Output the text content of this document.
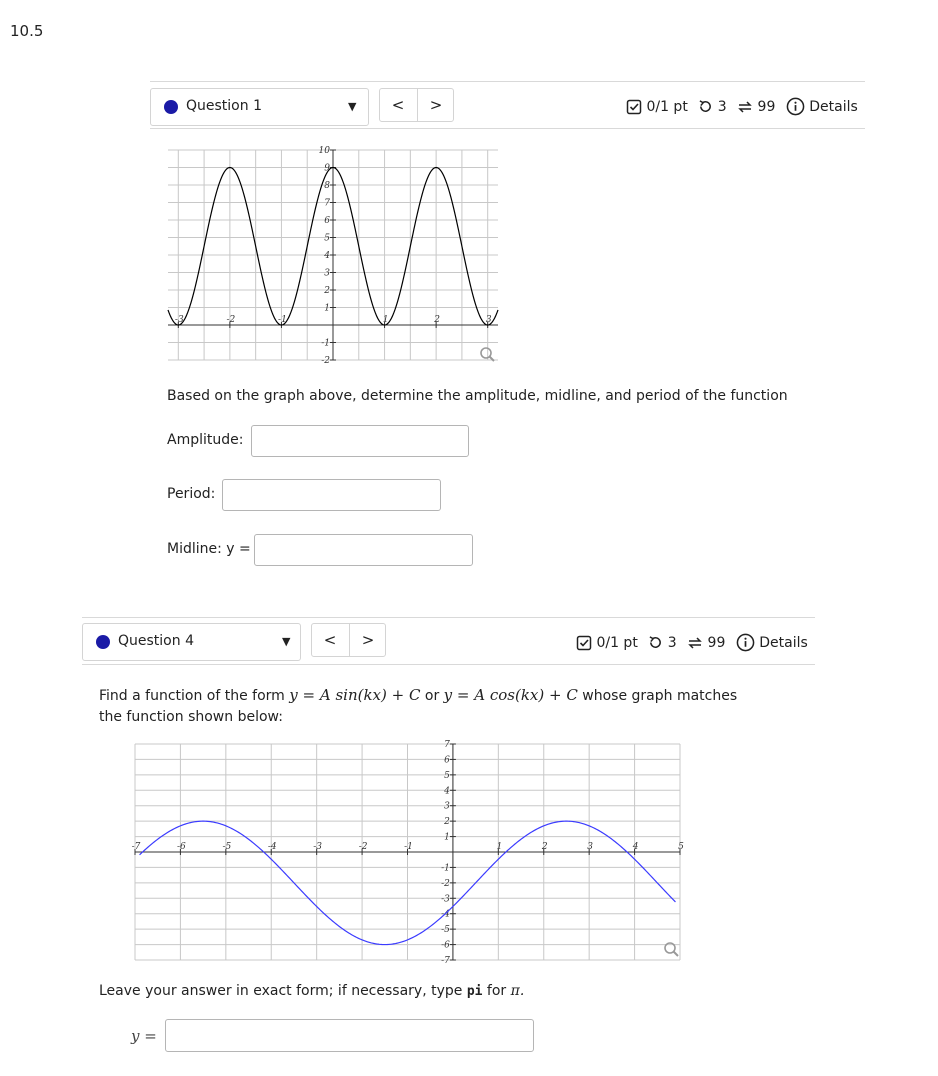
10.5
Question 1	▼	<	>	0/1 pt 3 99 Details
-3	-2	-1	1	2	3
-2
-1
1
2
3
4
5
6
7
8
9
10
Based on the graph above, determine the amplitude, midline, and period of the function
Amplitude:
Period:
Midline: y =
Question 4	▼	<	>	0/1 pt 3 99 Details
Find a function of the form y = A sin(kx) + C or y = A cos(kx) + C whose graph matches
the function shown below:
-7	-6	-5	-4	-3	-2	-1	1	2	3	4	5
-7
-6
-5
-4
-3
-2
-1
1
2
3
4
5
6
7
Leave your answer in exact form; if necessary, type pi for π.
y =
